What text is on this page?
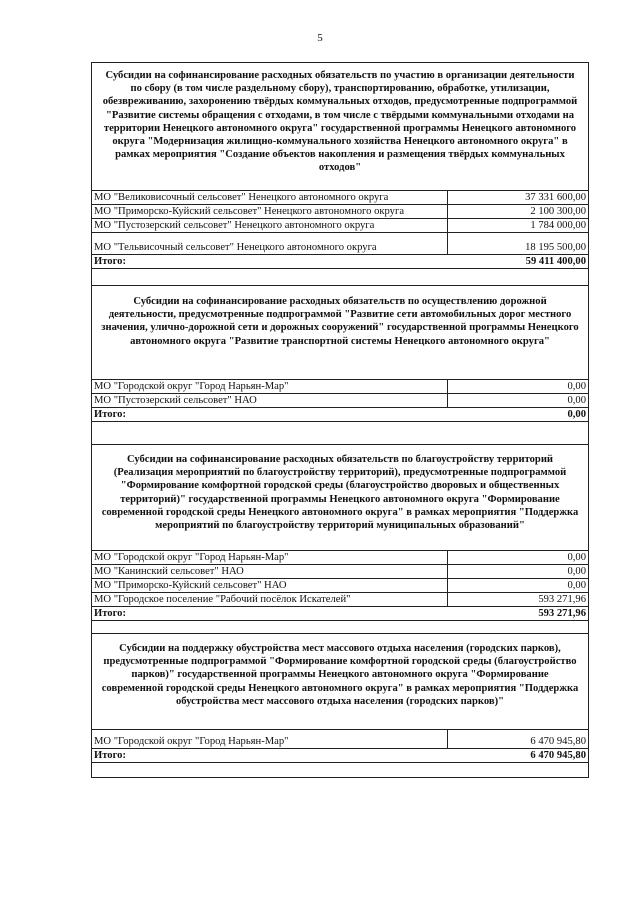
5
Субсидии на софинансирование расходных обязательств по участию в организации деятельности по сбору (в том числе раздельному сбору), транспортированию, обработке, утилизации, обезвреживанию, захоронению твёрдых коммунальных отходов, предусмотренные подпрограммой "Развитие системы обращения с отходами, в том числе с твёрдыми коммунальными отходами на территории Ненецкого автономного округа" государственной программы Ненецкого автономного округа "Модернизация жилищно-коммунального хозяйства Ненецкого автономного округа" в рамках мероприятия "Создание объектов накопления и размещения твёрдых коммунальных отходов"
МО "Великовисочный сельсовет" Ненецкого автономного округа	37 331 600,00
МО "Приморско-Куйский сельсовет" Ненецкого автономного округа	2 100 300,00
МО "Пустозерский сельсовет" Ненецкого автономного округа	1 784 000,00
МО "Тельвисочный сельсовет" Ненецкого автономного округа	18 195 500,00
Итого:	59 411 400,00
Субсидии на софинансирование расходных обязательств по осуществлению дорожной деятельности, предусмотренные подпрограммой "Развитие сети автомобильных дорог местного значения, улично-дорожной сети и дорожных сооружений" государственной программы Ненецкого автономного округа "Развитие транспортной системы Ненецкого автономного округа"
МО "Городской округ "Город Нарьян-Мар"	0,00
МО "Пустозерский сельсовет" НАО	0,00
Итого:	0,00
Субсидии на софинансирование расходных обязательств по благоустройству территорий (Реализация мероприятий по благоустройству территорий), предусмотренные подпрограммой "Формирование комфортной городской среды (благоустройство дворовых и общественных территорий)" государственной программы Ненецкого автономного округа "Формирование современной городской среды Ненецкого автономного округа" в рамках мероприятия "Поддержка мероприятий по благоустройству территорий муниципальных образований"
МО "Городской округ "Город Нарьян-Мар"	0,00
МО "Канинский сельсовет" НАО	0,00
МО "Приморско-Куйский сельсовет" НАО	0,00
МО "Городское поселение "Рабочий посёлок Искателей"	593 271,96
Итого:	593 271,96
Субсидии на поддержку обустройства мест массового отдыха населения (городских парков), предусмотренные подпрограммой "Формирование комфортной городской среды (благоустройство парков)" государственной программы Ненецкого автономного округа "Формирование современной городской среды Ненецкого автономного округа" в рамках мероприятия "Поддержка обустройства мест массового отдыха населения (городских парков)"
МО "Городской округ "Город Нарьян-Мар"	6 470 945,80
Итого:	6 470 945,80
